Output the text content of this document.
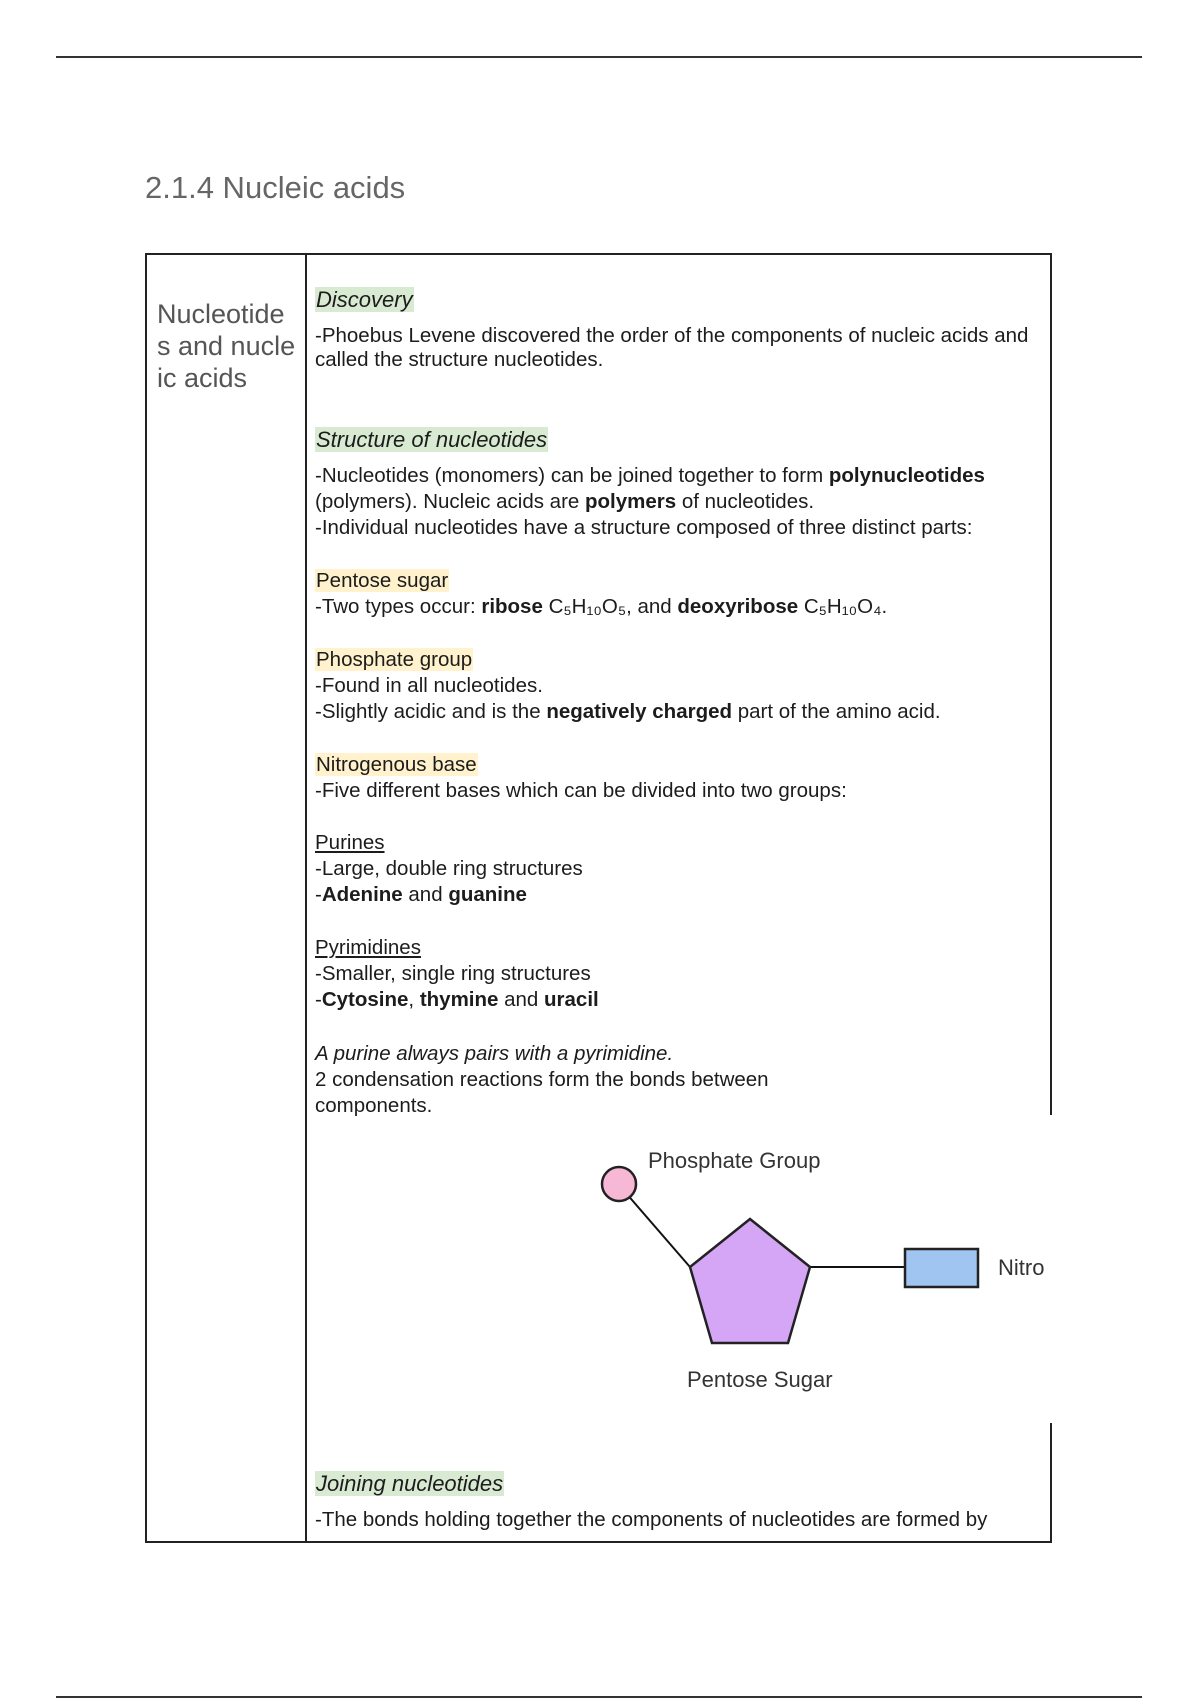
2.1.4 Nucleic acids
Nucleotides and nucleic acids
Discovery

-Phoebus Levene discovered the order of the components of nucleic acids and called the structure nucleotides.

Structure of nucleotides

-Nucleotides (monomers) can be joined together to form polynucleotides (polymers). Nucleic acids are polymers of nucleotides.
-Individual nucleotides have a structure composed of three distinct parts:

Pentose sugar
-Two types occur: ribose C₅H₁₀O₅, and deoxyribose C₅H₁₀O₄.

Phosphate group
-Found in all nucleotides.
-Slightly acidic and is the negatively charged part of the amino acid.

Nitrogenous base
-Five different bases which can be divided into two groups:

Purines
-Large, double ring structures
-Adenine and guanine

Pyrimidines
-Smaller, single ring structures
-Cytosine, thymine and uracil

A purine always pairs with a pyrimidine.
2 condensation reactions form the bonds between
components.

Phosphate Group
Pentose Sugar
Nitro
Joining nucleotides

-The bonds holding together the components of nucleotides are formed by
